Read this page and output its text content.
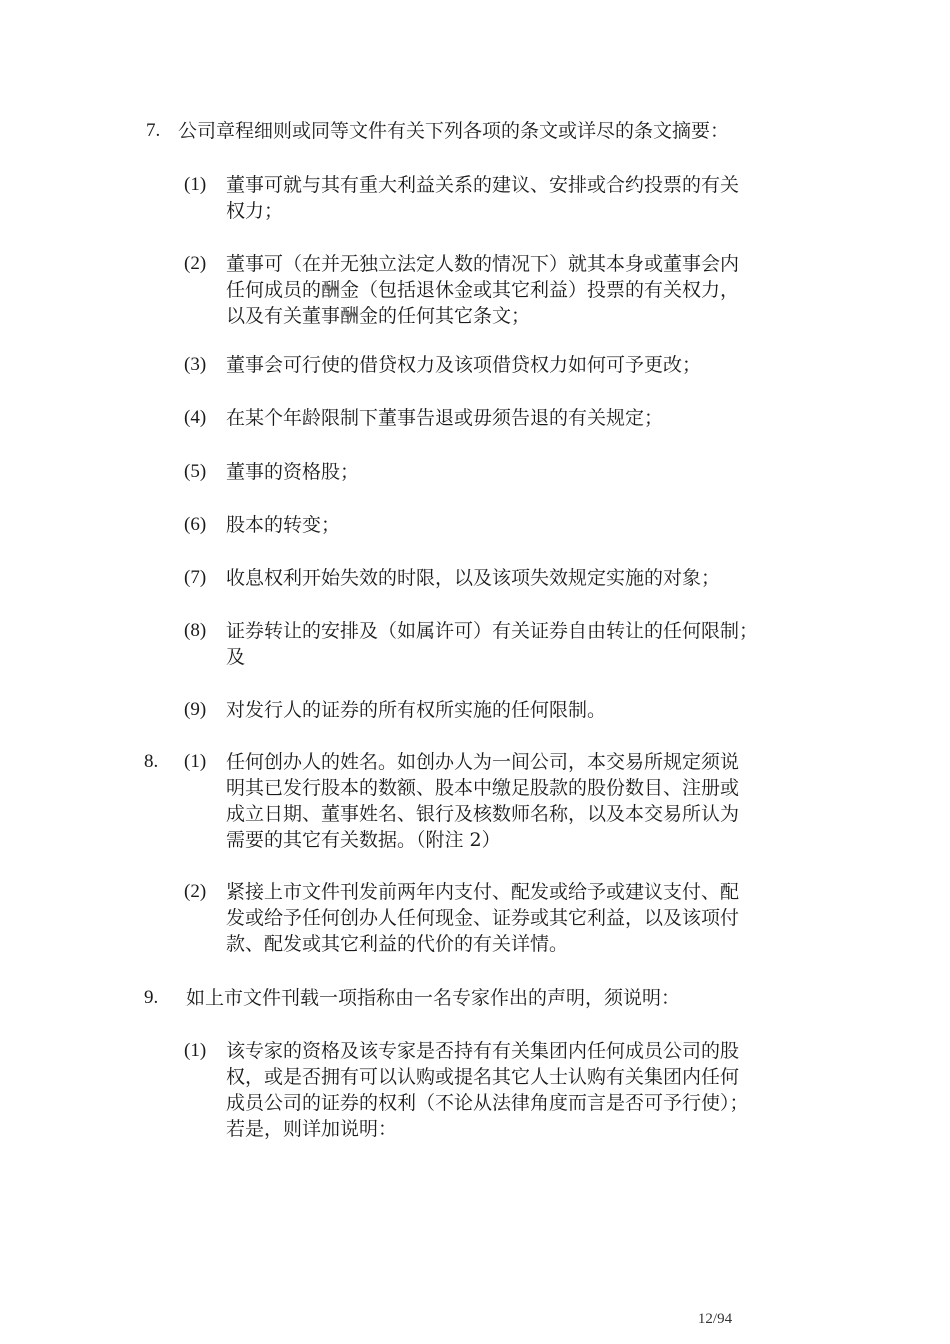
7. 公司章程细则或同等文件有关下列各项的条文或详尽的条文摘要：
(1) 董事可就与其有重大利益关系的建议、安排或合约投票的有关
权力；
(2) 董事可（在并无独立法定人数的情况下）就其本身或董事会内
任何成员的酬金（包括退休金或其它利益）投票的有关权力，
以及有关董事酬金的任何其它条文；
(3) 董事会可行使的借贷权力及该项借贷权力如何可予更改；
(4) 在某个年龄限制下董事告退或毋须告退的有关规定；
(5) 董事的资格股；
(6) 股本的转变；
(7) 收息权利开始失效的时限，以及该项失效规定实施的对象；
(8) 证券转让的安排及（如属许可）有关证券自由转让的任何限制；
及
(9) 对发行人的证券的所有权所实施的任何限制。
8. (1) 任何创办人的姓名。如创办人为一间公司，本交易所规定须说
明其已发行股本的数额、股本中缴足股款的股份数目、注册或
成立日期、董事姓名、银行及核数师名称，以及本交易所认为
需要的其它有关数据。（附注 2）
(2) 紧接上市文件刊发前两年内支付、配发或给予或建议支付、配
发或给予任何创办人任何现金、证券或其它利益，以及该项付
款、配发或其它利益的代价的有关详情。
9. 如上市文件刊载一项指称由一名专家作出的声明，须说明：
(1) 该专家的资格及该专家是否持有有关集团内任何成员公司的股
权，或是否拥有可以认购或提名其它人士认购有关集团内任何
成员公司的证券的权利（不论从法律角度而言是否可予行使）；
若是，则详加说明：
12/94
